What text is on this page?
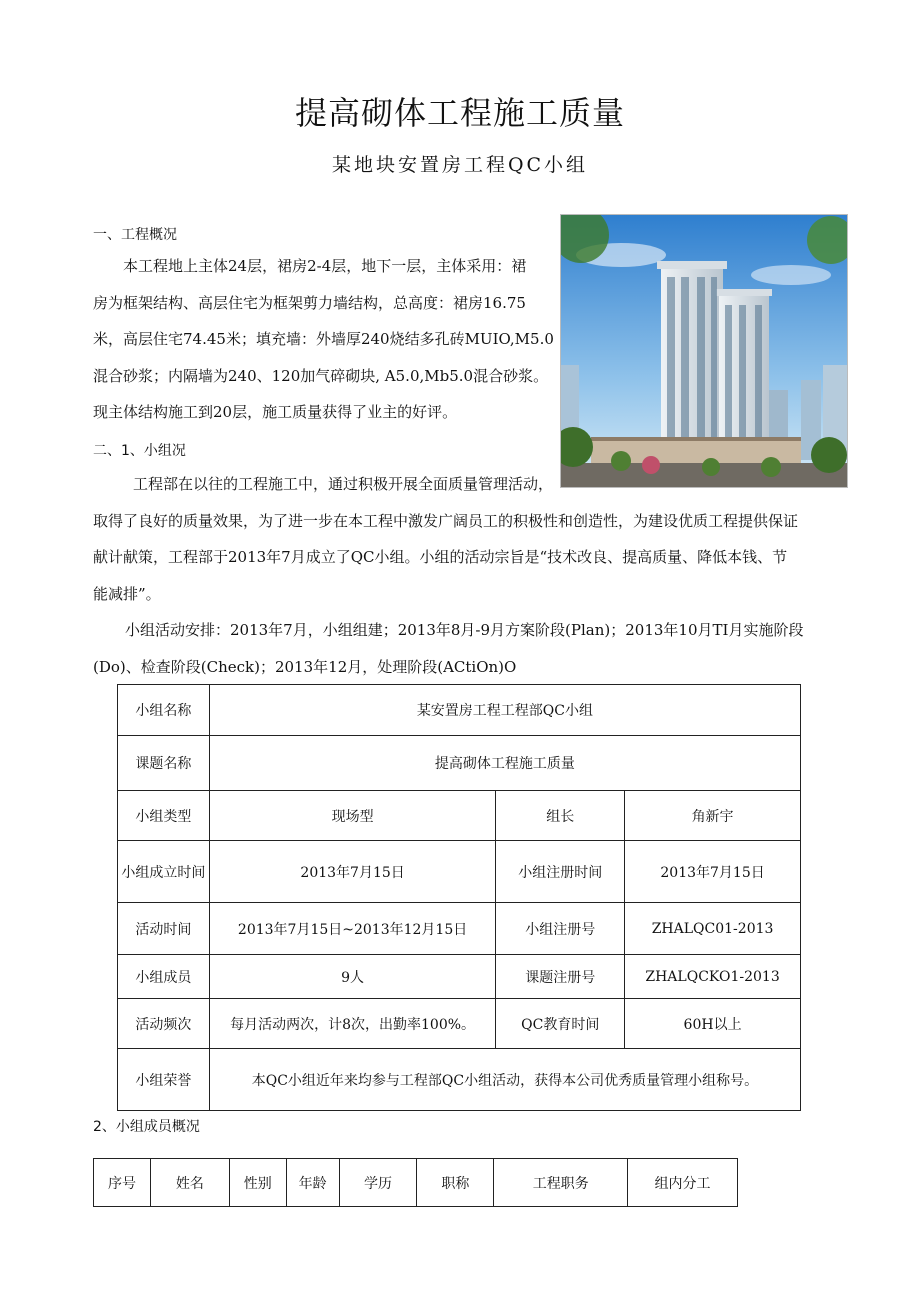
提高砌体工程施工质量
某地块安置房工程QC小组
一、工程概况
本工程地上主体24层，裙房2-4层，地下一层，主体采用：裙
房为框架结构、高层住宅为框架剪力墙结构，总高度：裙房16.75
米，高层住宅74.45米；填充墙：外墙厚240烧结多孔砖MUIO,M5.0
混合砂浆；内隔墙为240、120加气碎砌块, A5.0,Mb5.0混合砂浆。
现主体结构施工到20层，施工质量获得了业主的好评。
二、1、小组况
工程部在以往的工程施工中，通过积极开展全面质量管理活动，
取得了良好的质量效果，为了进一步在本工程中激发广阔员工的积极性和创造性，为建设优质工程提供保证
献计献策，工程部于2013年7月成立了QC小组。小组的活动宗旨是“技术改良、提高质量、降低本钱、节
能减排”。
小组活动安排：2013年7月，小组组建；2013年8月-9月方案阶段(Plan)；2013年10月TI月实施阶段
(Do)、检查阶段(Check)；2013年12月，处理阶段(ACtiOn)O
小组名称	某安置房工程工程部QC小组		
课题名称	提高砌体工程施工质量		
小组类型	现场型	组长	角新宇
小组成立时间	2013年7月15日	小组注册时间	2013年7月15日
活动时间	2013年7月15日~2013年12月15日	小组注册号	ZHALQC01-2013
小组成员	9人	课题注册号	ZHALQCKO1-2013
活动频次	每月活动两次，计8次，出勤率100%。	QC教育时间	60H以上
小组荣誉	本QC小组近年来均参与工程部QC小组活动，获得本公司优秀质量管理小组称号。		
2、小组成员概况
序号	姓名	性别	年龄	学历	职称	工程职务	组内分工
